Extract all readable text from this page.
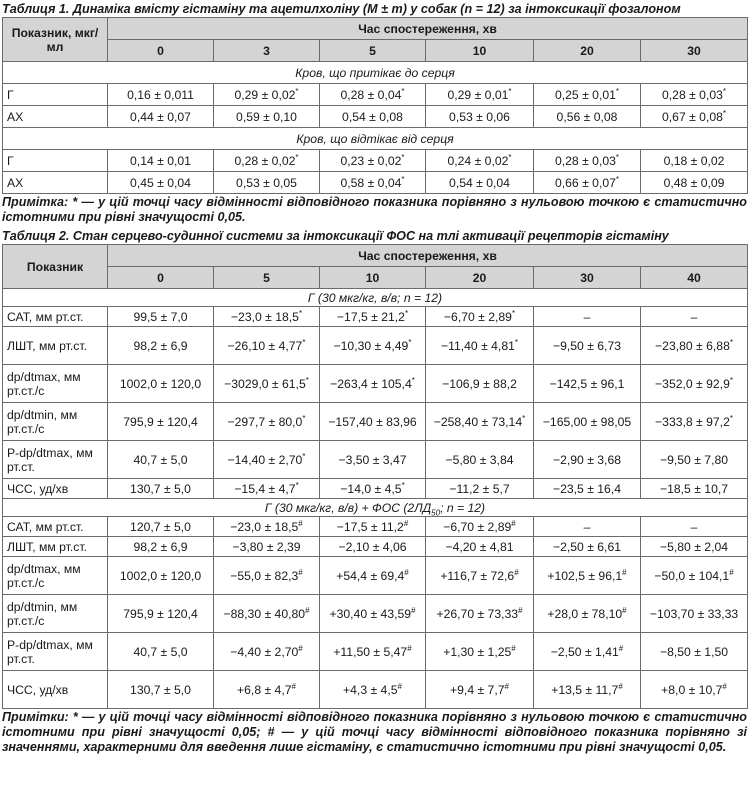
Таблиця 1. Динаміка вмісту гістаміну та ацетилхоліну (M ± m) у собак (n = 12) за інтоксикації фозалоном
Показник, мкг/мл	Час спостереження, хв					
	0	3	5	10	20	30
Кров, що притікає до серця						
Г	0,16 ± 0,011	0,29 ± 0,02*	0,28 ± 0,04*	0,29 ± 0,01*	0,25 ± 0,01*	0,28 ± 0,03*
АХ	0,44 ± 0,07	0,59 ± 0,10	0,54 ± 0,08	0,53 ± 0,06	0,56 ± 0,08	0,67 ± 0,08*
Кров, що відтікає від серця						
Г	0,14 ± 0,01	0,28 ± 0,02*	0,23 ± 0,02*	0,24 ± 0,02*	0,28 ± 0,03*	0,18 ± 0,02
АХ	0,45 ± 0,04	0,53 ± 0,05	0,58 ± 0,04*	0,54 ± 0,04	0,66 ± 0,07*	0,48 ± 0,09
Примітка: * — у цій точці часу відмінності відповідного показника порівняно з нульовою точкою є статистично істотними при рівні значущості 0,05.
Таблиця 2. Стан серцево-судинної системи за інтоксикації ФОС на тлі активації рецепторів гістаміну
Показник	Час спостереження, хв					
	0	5	10	20	30	40
Г (30 мкг/кг, в/в; n = 12)						
САТ, мм рт.ст.	99,5 ± 7,0	−23,0 ± 18,5*	−17,5 ± 21,2*	−6,70 ± 2,89*	–	–
ЛШТ, мм рт.ст.	98,2 ± 6,9	−26,10 ± 4,77*	−10,30 ± 4,49*	−11,40 ± 4,81*	−9,50 ± 6,73	−23,80 ± 6,88*
dp/dtmax, мм рт.ст./с	1002,0 ± 120,0	−3029,0 ± 61,5*	−263,4 ± 105,4*	−106,9 ± 88,2	−142,5 ± 96,1	−352,0 ± 92,9*
dp/dtmin, мм рт.ст./с	795,9 ± 120,4	−297,7 ± 80,0*	−157,40 ± 83,96	−258,40 ± 73,14*	−165,00 ± 98,05	−333,8 ± 97,2*
P-dp/dtmax, мм рт.ст.	40,7 ± 5,0	−14,40 ± 2,70*	−3,50 ± 3,47	−5,80 ± 3,84	−2,90 ± 3,68	−9,50 ± 7,80
ЧСС, уд/хв	130,7 ± 5,0	−15,4 ± 4,7*	−14,0 ± 4,5*	−11,2 ± 5,7	−23,5 ± 16,4	−18,5 ± 10,7
Г (30 мкг/кг, в/в) + ФОС ($2ЛД_{50}$; n = 12)						
САТ, мм рт.ст.	120,7 ± 5,0	−23,0 ± 18,5#	−17,5 ± 11,2#	−6,70 ± 2,89#	–	–
ЛШТ, мм рт.ст.	98,2 ± 6,9	−3,80 ± 2,39	−2,10 ± 4,06	−4,20 ± 4,81	−2,50 ± 6,61	−5,80 ± 2,04
dp/dtmax, мм рт.ст./с	1002,0 ± 120,0	−55,0 ± 82,3#	+54,4 ± 69,4#	+116,7 ± 72,6#	+102,5 ± 96,1#	−50,0 ± 104,1#
dp/dtmin, мм рт.ст./с	795,9 ± 120,4	−88,30 ± 40,80#	+30,40 ± 43,59#	+26,70 ± 73,33#	+28,0 ± 78,10#	−103,70 ± 33,33
P-dp/dtmax, мм рт.ст.	40,7 ± 5,0	−4,40 ± 2,70#	+11,50 ± 5,47#	+1,30 ± 1,25#	−2,50 ± 1,41#	−8,50 ± 1,50
ЧСС, уд/хв	130,7 ± 5,0	+6,8 ± 4,7#	+4,3 ± 4,5#	+9,4 ± 7,7#	+13,5 ± 11,7#	+8,0 ± 10,7#
Примітки: * — у цій точці часу відмінності відповідного показника порівняно з нульовою точкою є статистично істотними при рівні значущості 0,05; # — у цій точці часу відмінності відповідного показника порівняно зі значеннями, характерними для введення лише гістаміну, є статистично істотними при рівні значущості 0,05.
